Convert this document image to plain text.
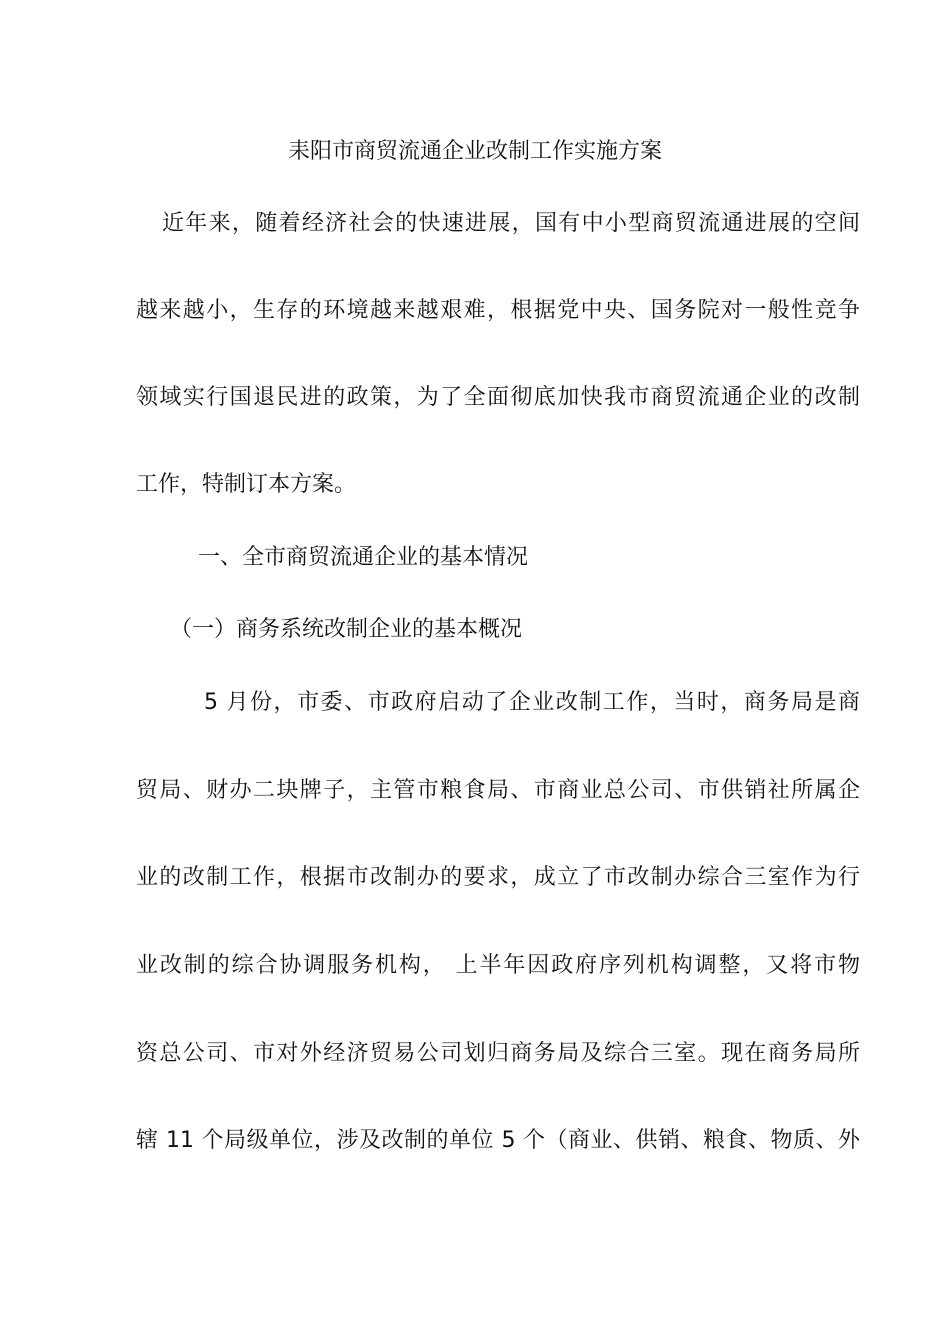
耒阳市商贸流通企业改制工作实施方案
近年来，随着经济社会的快速进展，国有中小型商贸流通进展的空间
越来越小，生存的环境越来越艰难，根据党中央、国务院对一般性竞争
领域实行国退民进的政策，为了全面彻底加快我市商贸流通企业的改制
工作，特制订本方案。
一、全市商贸流通企业的基本情况
（一）商务系统改制企业的基本概况
5 月份，市委、市政府启动了企业改制工作，当时，商务局是商
贸局、财办二块牌子，主管市粮食局、市商业总公司、市供销社所属企
业的改制工作，根据市改制办的要求，成立了市改制办综合三室作为行
业改制的综合协调服务机构， 上半年因政府序列机构调整，又将市物
资总公司、市对外经济贸易公司划归商务局及综合三室。现在商务局所
辖 11 个局级单位，涉及改制的单位 5 个（商业、供销、粮食、物质、外
